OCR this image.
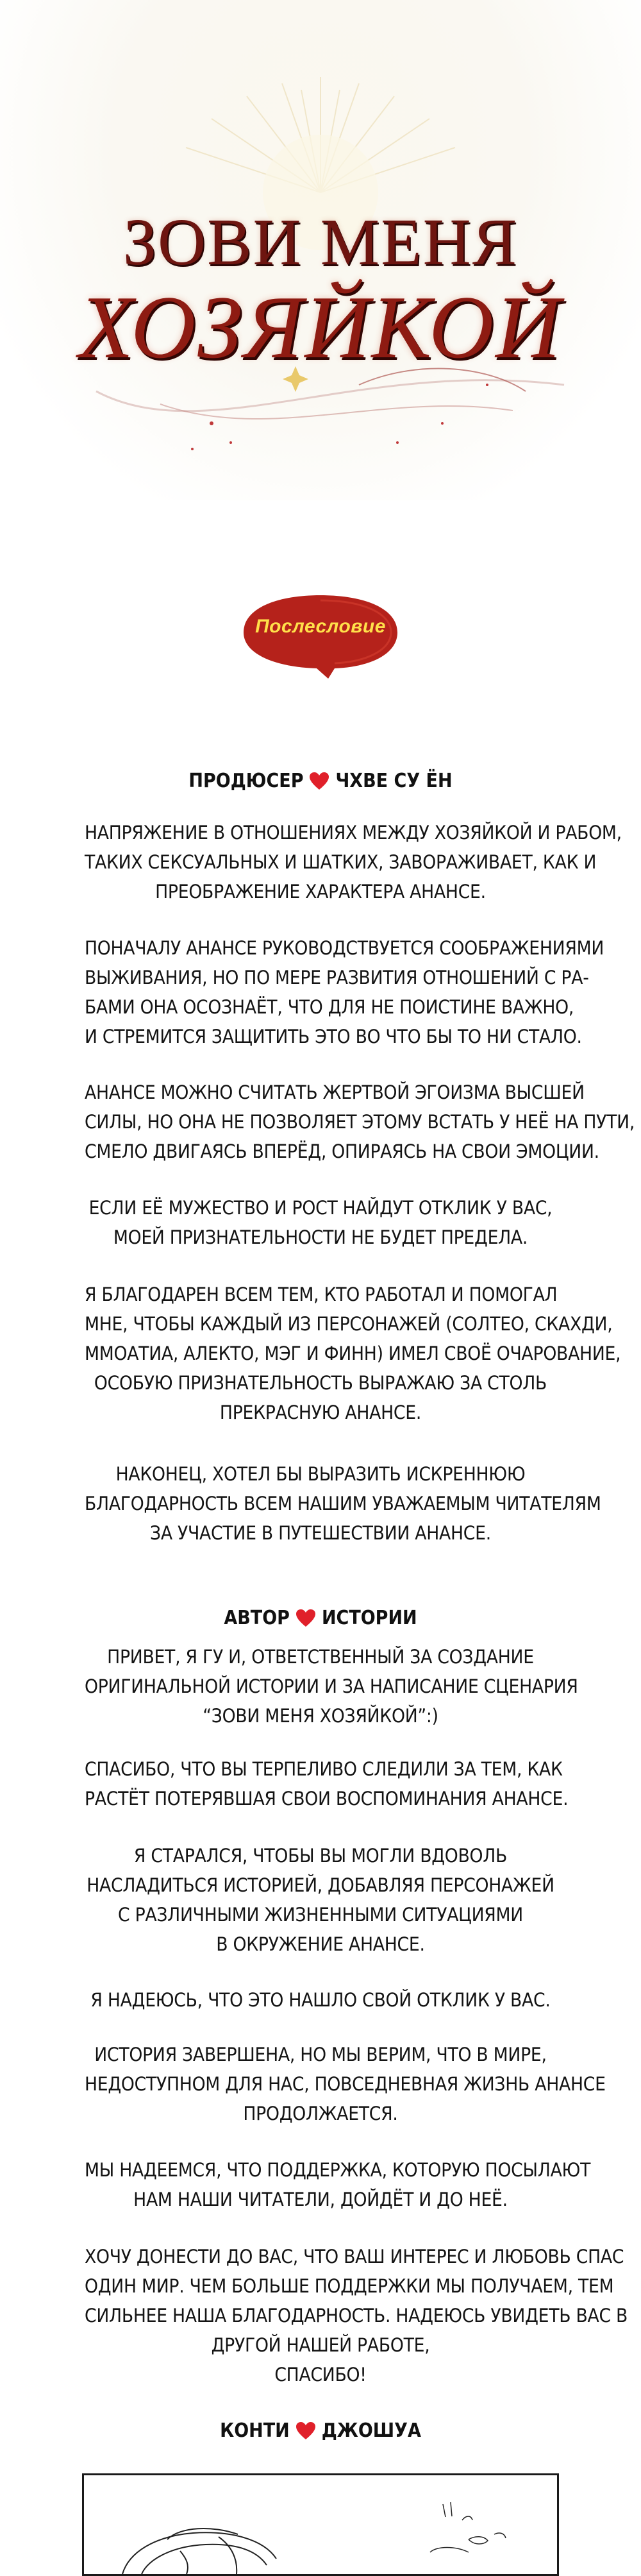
ЗОВИ МЕНЯ
ХОЗЯЙКОЙ
Послесловие
ПРОДЮСЕР ЧХВЕ СУ ЁН
НАПРЯЖЕНИЕ В ОТНОШЕНИЯХ МЕЖДУ ХОЗЯЙКОЙ И РАБОМ,
ТАКИХ СЕКСУАЛЬНЫХ И ШАТКИХ, ЗАВОРАЖИВАЕТ, КАК И
ПРЕОБРАЖЕНИЕ ХАРАКТЕРА АНАНСЕ.
ПОНАЧАЛУ АНАНСЕ РУКОВОДСТВУЕТСЯ СООБРАЖЕНИЯМИ
ВЫЖИВАНИЯ, НО ПО МЕРЕ РАЗВИТИЯ ОТНОШЕНИЙ С РА-
БАМИ ОНА ОСОЗНАЁТ, ЧТО ДЛЯ НЕ ПОИСТИНЕ ВАЖНО,
И СТРЕМИТСЯ ЗАЩИТИТЬ ЭТО ВО ЧТО БЫ ТО НИ СТАЛО.
АНАНСЕ МОЖНО СЧИТАТЬ ЖЕРТВОЙ ЭГОИЗМА ВЫСШЕЙ
СИЛЫ, НО ОНА НЕ ПОЗВОЛЯЕТ ЭТОМУ ВСТАТЬ У НЕЁ НА ПУТИ,
СМЕЛО ДВИГАЯСЬ ВПЕРЁД, ОПИРАЯСЬ НА СВОИ ЭМОЦИИ.
ЕСЛИ ЕЁ МУЖЕСТВО И РОСТ НАЙДУТ ОТКЛИК У ВАС,
МОЕЙ ПРИЗНАТЕЛЬНОСТИ НЕ БУДЕТ ПРЕДЕЛА.
Я БЛАГОДАРЕН ВСЕМ ТЕМ, КТО РАБОТАЛ И ПОМОГАЛ
МНЕ, ЧТОБЫ КАЖДЫЙ ИЗ ПЕРСОНАЖЕЙ (СОЛТЕО, СКАХДИ,
ММОАТИА, АЛЕКТО, МЭГ И ФИНН) ИМЕЛ СВОЁ ОЧАРОВАНИЕ,
ОСОБУЮ ПРИЗНАТЕЛЬНОСТЬ ВЫРАЖАЮ ЗА СТОЛЬ
ПРЕКРАСНУЮ АНАНСЕ.
НАКОНЕЦ, ХОТЕЛ БЫ ВЫРАЗИТЬ ИСКРЕННЮЮ
БЛАГОДАРНОСТЬ ВСЕМ НАШИМ УВАЖАЕМЫМ ЧИТАТЕЛЯМ
ЗА УЧАСТИЕ В ПУТЕШЕСТВИИ АНАНСЕ.
АВТОР ИСТОРИИ
ПРИВЕТ, Я ГУ И, ОТВЕТСТВЕННЫЙ ЗА СОЗДАНИЕ
ОРИГИНАЛЬНОЙ ИСТОРИИ И ЗА НАПИСАНИЕ СЦЕНАРИЯ
“ЗОВИ МЕНЯ ХОЗЯЙКОЙ”:)
СПАСИБО, ЧТО ВЫ ТЕРПЕЛИВО СЛЕДИЛИ ЗА ТЕМ, КАК
РАСТЁТ ПОТЕРЯВШАЯ СВОИ ВОСПОМИНАНИЯ АНАНСЕ.
Я СТАРАЛСЯ, ЧТОБЫ ВЫ МОГЛИ ВДОВОЛЬ
НАСЛАДИТЬСЯ ИСТОРИЕЙ, ДОБАВЛЯЯ ПЕРСОНАЖЕЙ
С РАЗЛИЧНЫМИ ЖИЗНЕННЫМИ СИТУАЦИЯМИ
В ОКРУЖЕНИЕ АНАНСЕ.
Я НАДЕЮСЬ, ЧТО ЭТО НАШЛО СВОЙ ОТКЛИК У ВАС.
ИСТОРИЯ ЗАВЕРШЕНА, НО МЫ ВЕРИМ, ЧТО В МИРЕ,
НЕДОСТУПНОМ ДЛЯ НАС, ПОВСЕДНЕВНАЯ ЖИЗНЬ АНАНСЕ
ПРОДОЛЖАЕТСЯ.
МЫ НАДЕЕМСЯ, ЧТО ПОДДЕРЖКА, КОТОРУЮ ПОСЫЛАЮТ
НАМ НАШИ ЧИТАТЕЛИ, ДОЙДЁТ И ДО НЕЁ.
ХОЧУ ДОНЕСТИ ДО ВАС, ЧТО ВАШ ИНТЕРЕС И ЛЮБОВЬ СПАС
ОДИН МИР. ЧЕМ БОЛЬШЕ ПОДДЕРЖКИ МЫ ПОЛУЧАЕМ, ТЕМ
СИЛЬНЕЕ НАША БЛАГОДАРНОСТЬ. НАДЕЮСЬ УВИДЕТЬ ВАС В
ДРУГОЙ НАШЕЙ РАБОТЕ,
СПАСИБО!
КОНТИ ДЖОШУА
